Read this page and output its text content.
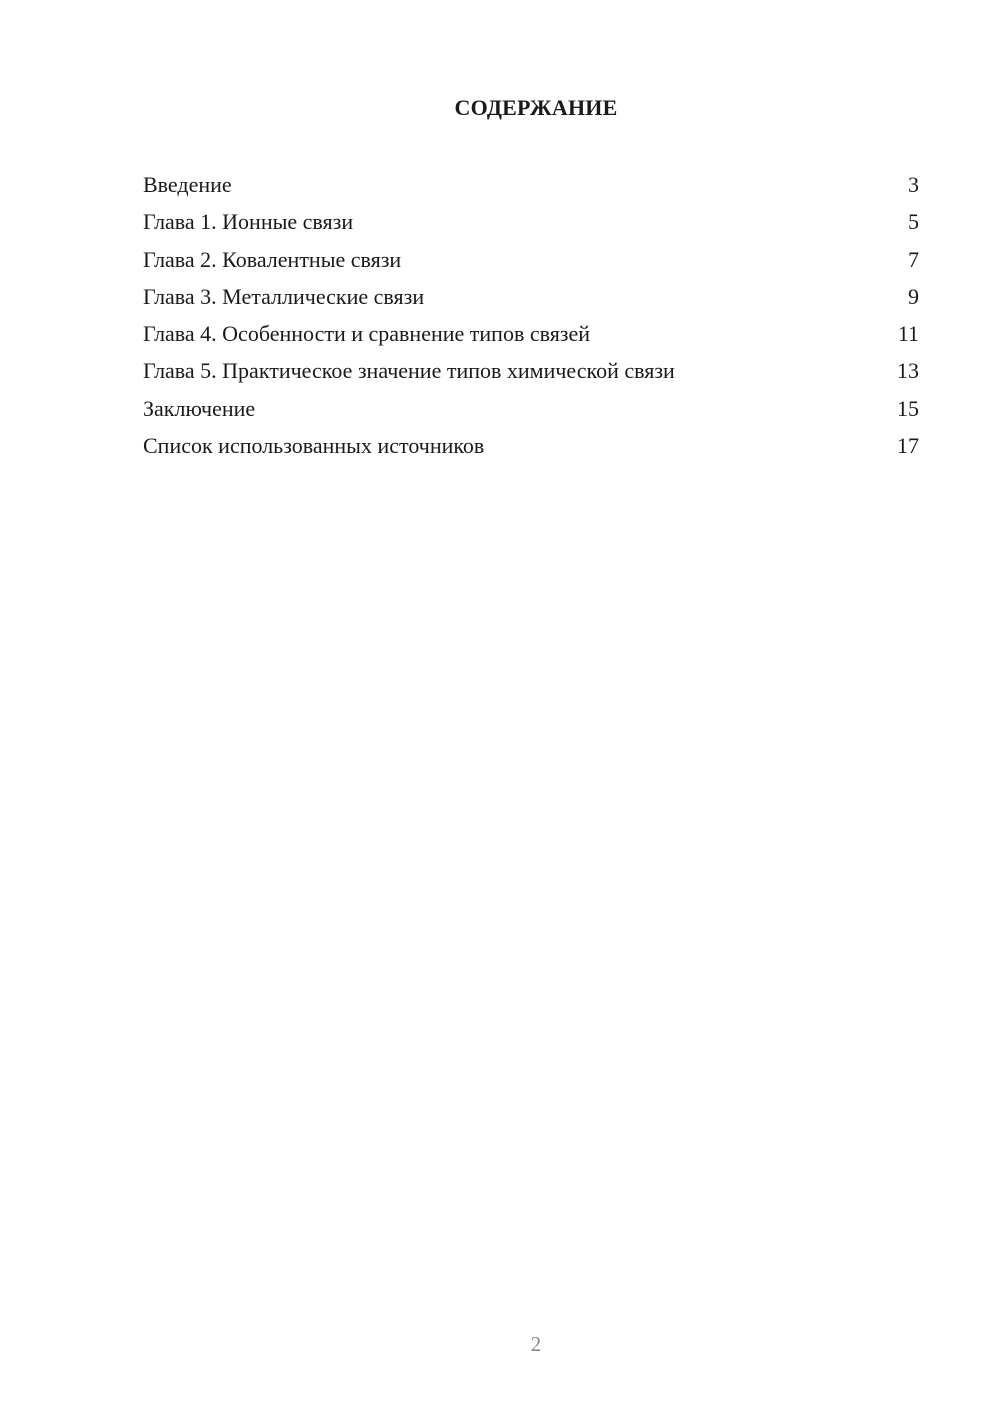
СОДЕРЖАНИЕ
Введение	3
Глава 1. Ионные связи	5
Глава 2. Ковалентные связи	7
Глава 3. Металлические связи	9
Глава 4. Особенности и сравнение типов связей	11
Глава 5. Практическое значение типов химической связи	13
Заключение	15
Список использованных источников	17
2
